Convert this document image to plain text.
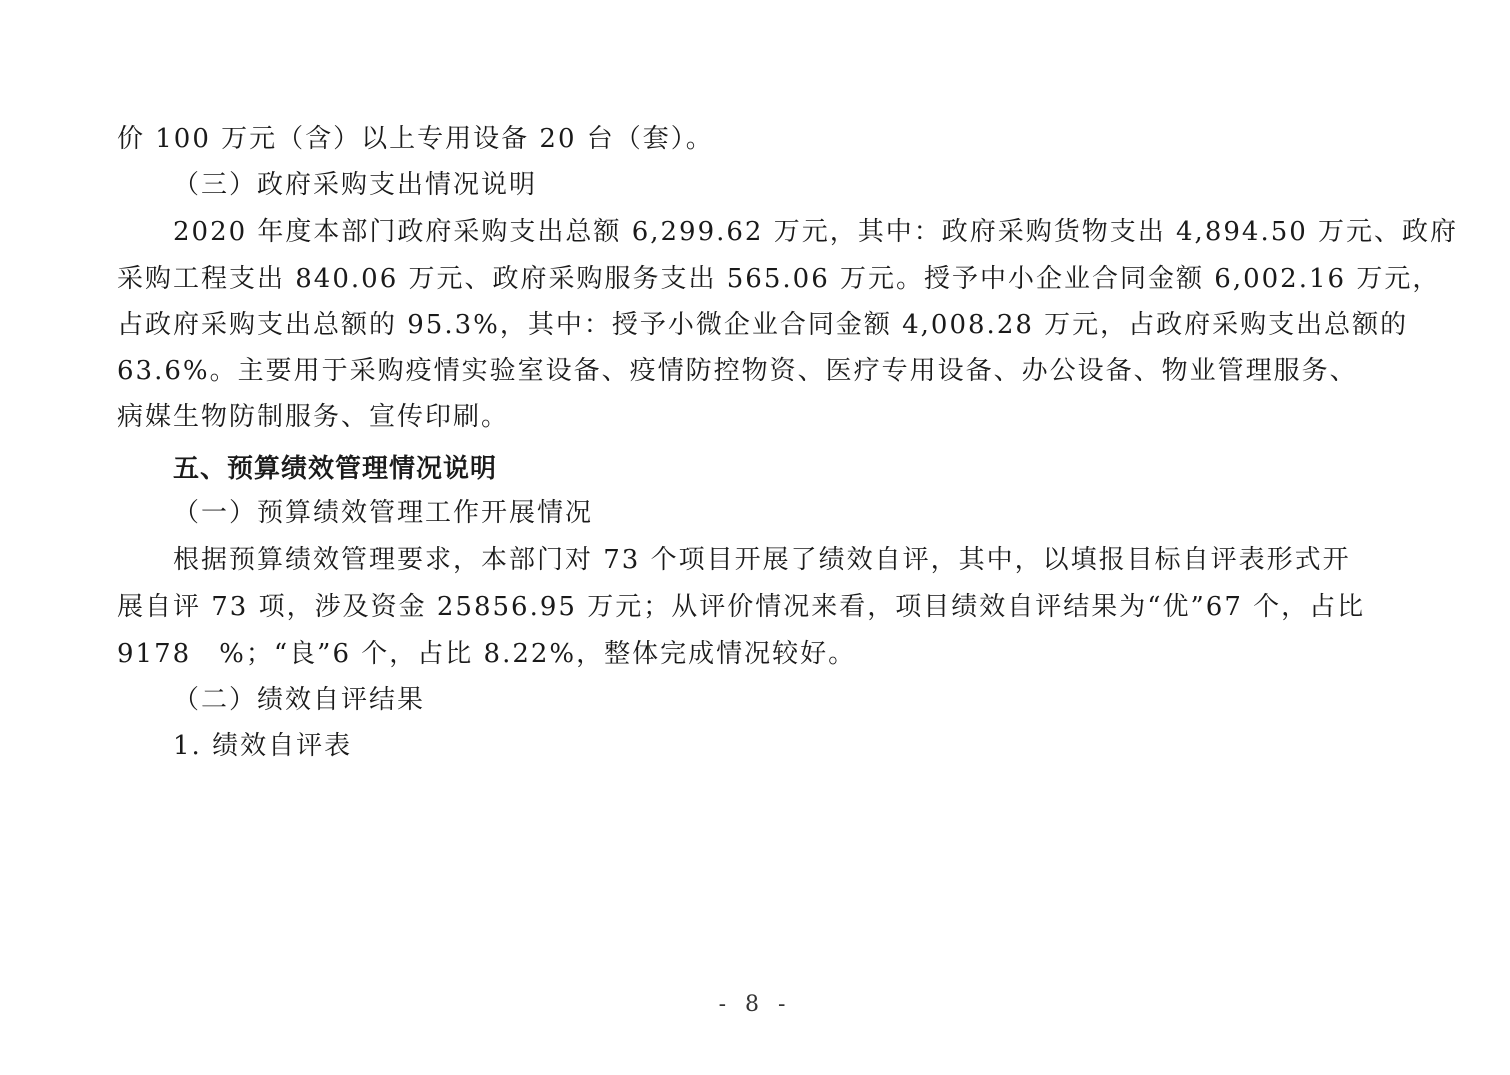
价 100 万元（含）以上专用设备 20 台（套）。
（三）政府采购支出情况说明
2020 年度本部门政府采购支出总额 6,299.62 万元，其中：政府采购货物支出 4,894.50 万元、政府
采购工程支出 840.06 万元、政府采购服务支出 565.06 万元。授予中小企业合同金额 6,002.16 万元，
占政府采购支出总额的 95.3%，其中：授予小微企业合同金额 4,008.28 万元，占政府采购支出总额的
63.6%。主要用于采购疫情实验室设备、疫情防控物资、医疗专用设备、办公设备、物业管理服务、
病媒生物防制服务、宣传印刷。
五、预算绩效管理情况说明
（一）预算绩效管理工作开展情况
根据预算绩效管理要求，本部门对 73 个项目开展了绩效自评，其中，以填报目标自评表形式开
展自评 73 项，涉及资金 25856.95 万元；从评价情况来看，项目绩效自评结果为“优”67 个，占比
9178　%；“良”6 个，占比 8.22%，整体完成情况较好。
（二）绩效自评结果
1. 绩效自评表
- 8 -
